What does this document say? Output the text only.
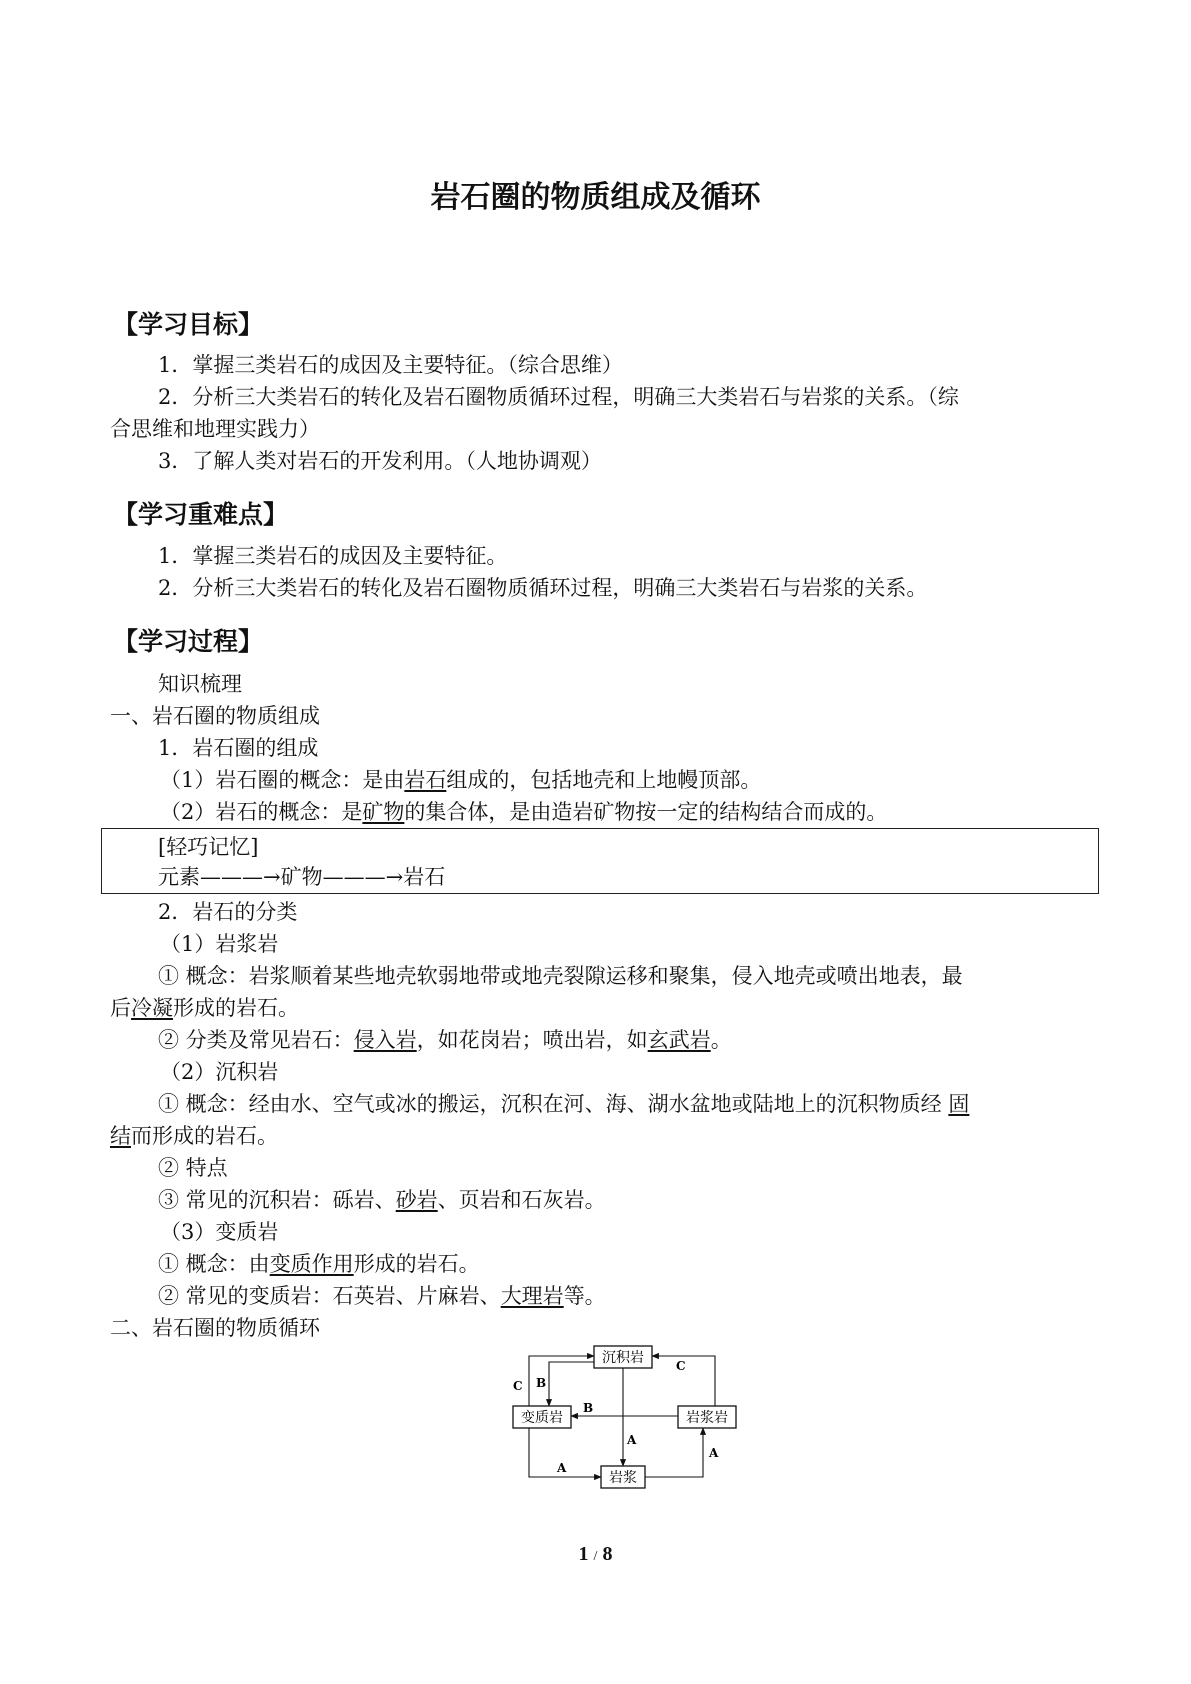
岩石圈的物质组成及循环
【学习目标】
1．掌握三类岩石的成因及主要特征。（综合思维）
2．分析三大类岩石的转化及岩石圈物质循环过程，明确三大类岩石与岩浆的关系。（综
合思维和地理实践力）
3．了解人类对岩石的开发利用。（人地协调观）
【学习重难点】
1．掌握三类岩石的成因及主要特征。
2．分析三大类岩石的转化及岩石圈物质循环过程，明确三大类岩石与岩浆的关系。
【学习过程】
知识梳理
一、岩石圈的物质组成
1．岩石圈的组成
（1）岩石圈的概念：是由岩石组成的，包括地壳和上地幔顶部。
（2）岩石的概念：是矿物的集合体，是由造岩矿物按一定的结构结合而成的。
[轻巧记忆]
元素———→矿物———→岩石
2．岩石的分类
（1）岩浆岩
① 概念：岩浆顺着某些地壳软弱地带或地壳裂隙运移和聚集，侵入地壳或喷出地表，最
后冷凝形成的岩石。
② 分类及常见岩石：侵入岩，如花岗岩；喷出岩，如玄武岩。
（2）沉积岩
① 概念：经由水、空气或冰的搬运，沉积在河、海、湖水盆地或陆地上的沉积物质经 固
结而形成的岩石。
② 特点
③ 常见的沉积岩：砾岩、砂岩、页岩和石灰岩。
（3）变质岩
① 概念：由变质作用形成的岩石。
② 常见的变质岩：石英岩、片麻岩、大理岩等。
二、岩石圈的物质循环
沉积岩
变质岩	岩浆岩
岩浆
C B
C
B
A
A
A
1 / 8
